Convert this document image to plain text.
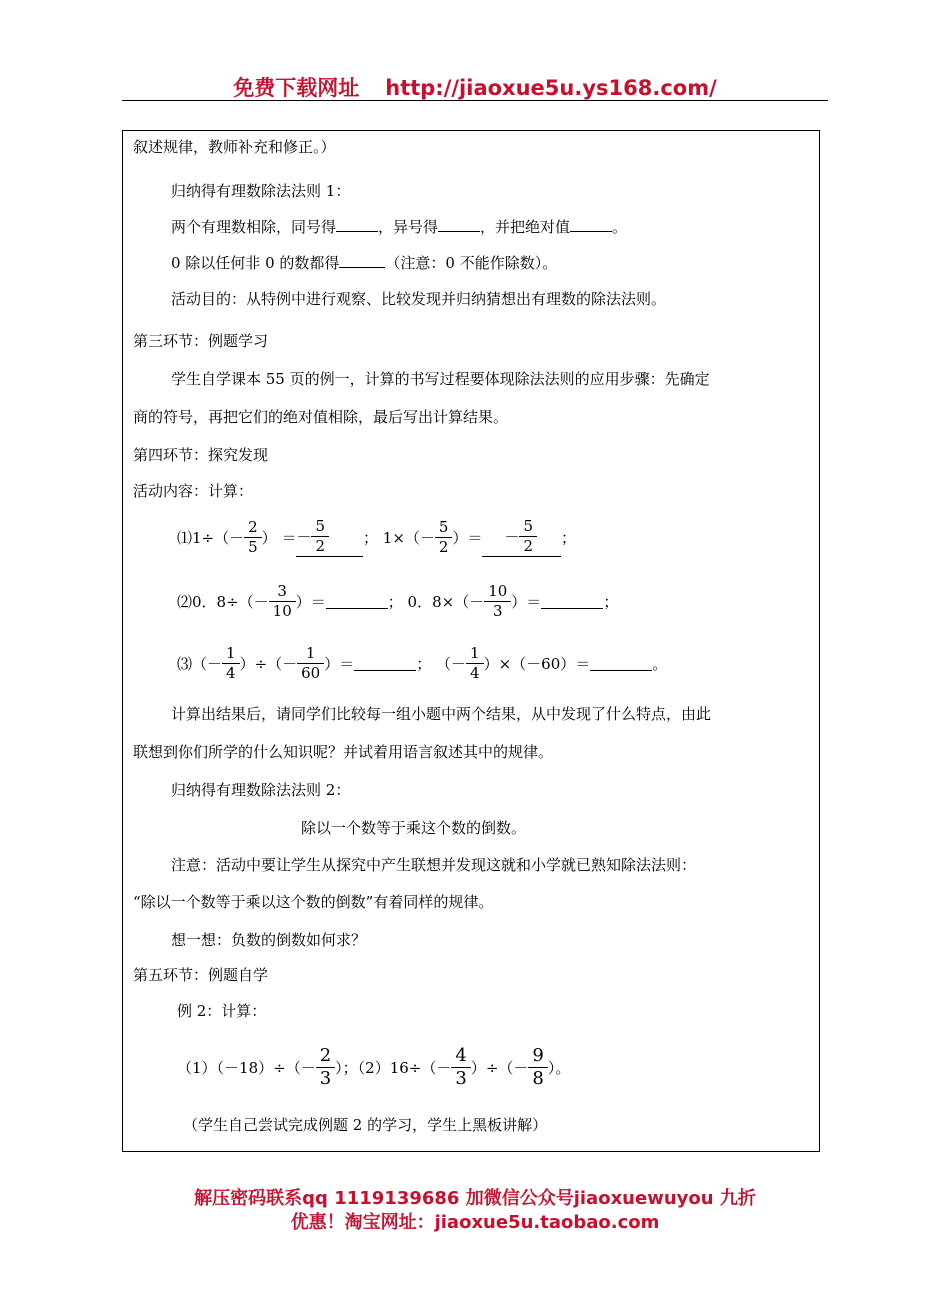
免费下载网址 http://jiaoxue5u.ys168.com/
叙述规律，教师补充和修正。）
归纳得有理数除法法则 1：
两个有理数相除，同号得	，异号得	，并把绝对值	。
0 除以任何非 0 的数都得	（注意：0 不能作除数）。
活动目的：从特例中进行观察、比较发现并归纳猜想出有理数的除法法则。
第三环节：例题学习
学生自学课本 55 页的例一，计算的书写过程要体现除法法则的应用步骤：先确定
商的符号，再把它们的绝对值相除，最后写出计算结果。
第四环节：探究发现
活动内容：计算：
⑴1÷（－ $\frac{2}{5}$ ） ＝ － $\frac{5}{2}$ ； $1\times(- \frac{5}{2}$ ）＝	－ $\frac{5}{2}$ ；
⑵0．$8\div(- \frac{3}{10}$ ）＝	； 0．$8\times(- \frac{10}{3}$ ）＝	；
⑶（－ $\frac{1}{4}$ ）÷（－ $\frac{1}{60}$ ）＝	； （－ $\frac{1}{4} )\times(-60)=$	。
计算出结果后，请同学们比较每一组小题中两个结果，从中发现了什么特点，由此
联想到你们所学的什么知识呢？并试着用语言叙述其中的规律。
归纳得有理数除法法则 2：
除以一个数等于乘这个数的倒数。
注意：活动中要让学生从探究中产生联想并发现这就和小学就已熟知除法法则：
“除以一个数等于乘以这个数的倒数”有着同样的规律。
想一想：负数的倒数如何求？
第五环节：例题自学
例 2：计算：
$(1)(-18)\div(- \frac{2}{3}$ ）；$(2)16\div(- \frac{4}{3}$ ）÷（－ $\frac{9}{8}$ ）。
（学生自己尝试完成例题 2 的学习，学生上黑板讲解）
解压密码联系qq 1119139686 加微信公众号jiaoxuewuyou 九折
优惠！淘宝网址：jiaoxue5u.taobao.com
